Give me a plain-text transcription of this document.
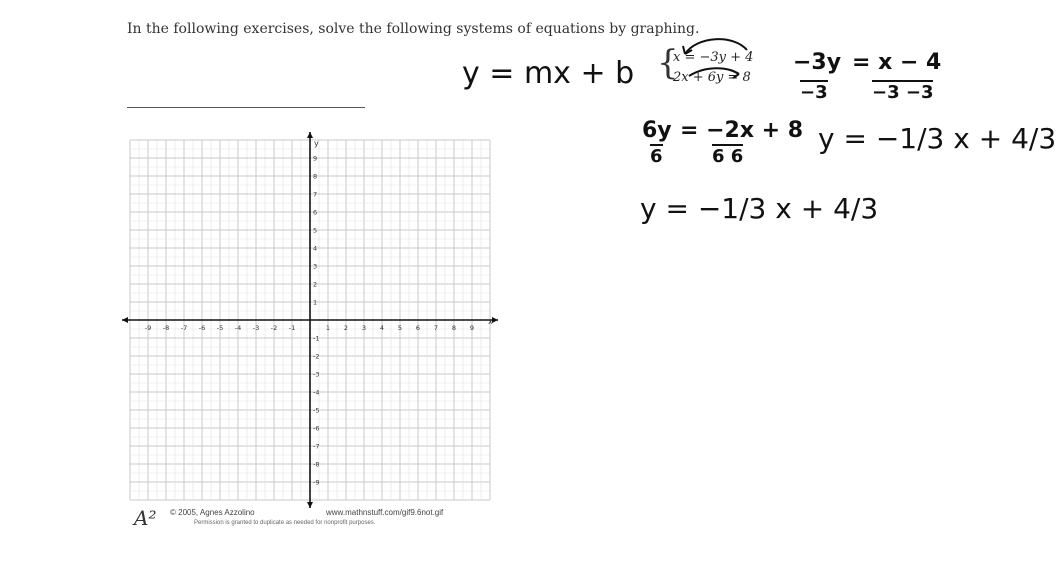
In the following exercises, solve the following systems of equations by graphing.
{
x = −3y + 4
2x + 6y = 8
y = mx + b	−3y
−3
= x − 4
−3 −3
6y
6
= −2x + 8
6 6
y = −1/3 x + 4/3
y = −1/3 x + 4/3
x
y
-9 -8 -7 -6 -5 -4 -3 -2 -1	1 2 3 4 5 6 7 8 9
9
8
7
6
5
4
3
2
1
-1
-2
-3
-4
-5
-6
-7
-8
-9
A² © 2005, Agnes Azzolino	www.mathnstuff.com/gif9.6not.gif
Permission is granted to duplicate as needed for nonprofit purposes.
